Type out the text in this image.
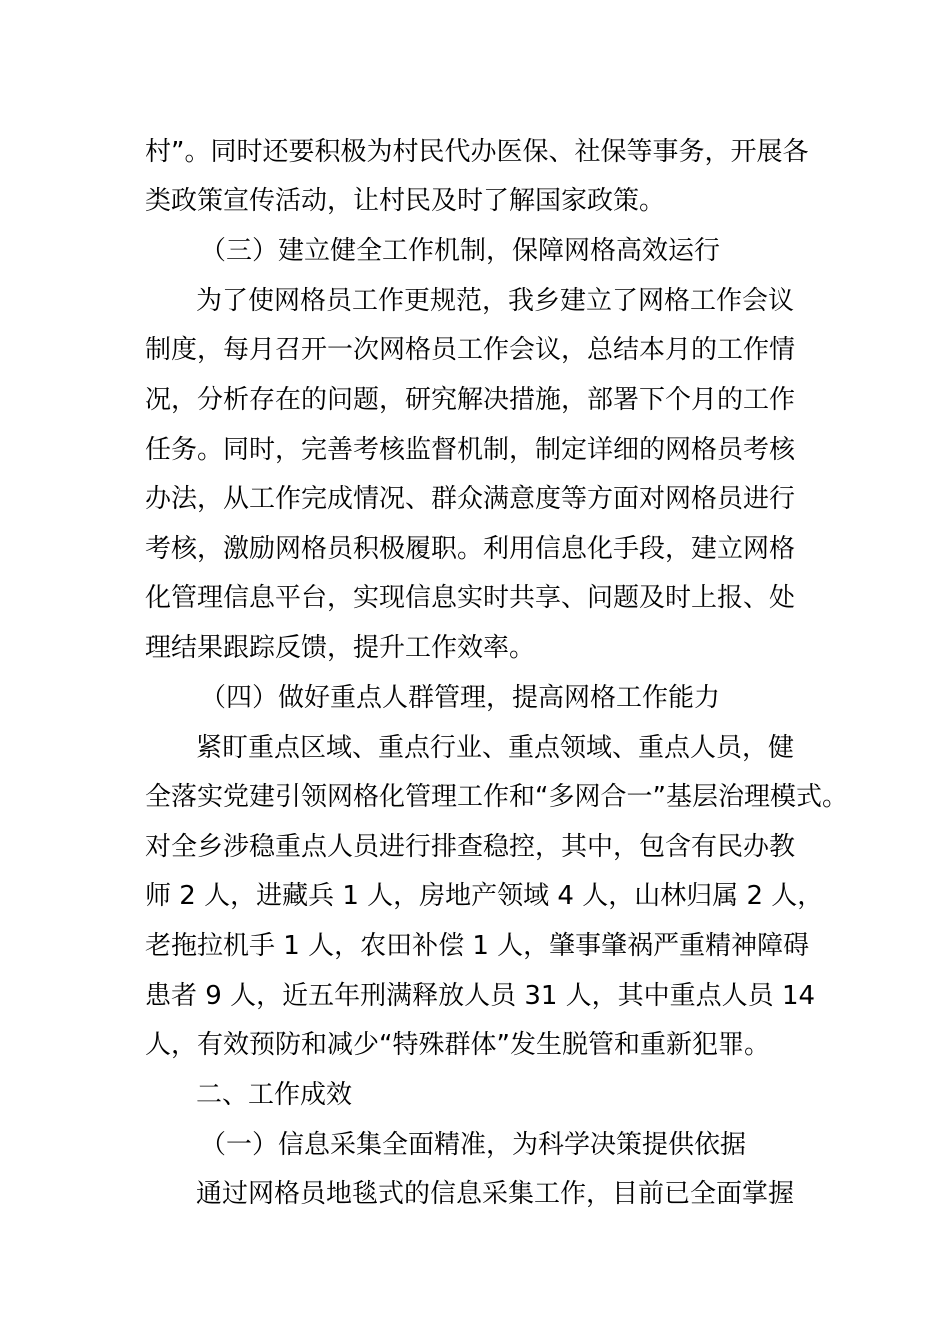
村”。同时还要积极为村民代办医保、社保等事务，开展各
类政策宣传活动，让村民及时了解国家政策。
（三）建立健全工作机制，保障网格高效运行
为了使网格员工作更规范，我乡建立了网格工作会议
制度，每月召开一次网格员工作会议，总结本月的工作情
况，分析存在的问题，研究解决措施，部署下个月的工作
任务。同时，完善考核监督机制，制定详细的网格员考核
办法，从工作完成情况、群众满意度等方面对网格员进行
考核，激励网格员积极履职。利用信息化手段，建立网格
化管理信息平台，实现信息实时共享、问题及时上报、处
理结果跟踪反馈，提升工作效率。
（四）做好重点人群管理，提高网格工作能力
紧盯重点区域、重点行业、重点领域、重点人员，健
全落实党建引领网格化管理工作和“多网合一”基层治理模式。
对全乡涉稳重点人员进行排查稳控，其中，包含有民办教
师 2 人，进藏兵 1 人，房地产领域 4 人，山林归属 2 人，
老拖拉机手 1 人，农田补偿 1 人，肇事肇祸严重精神障碍
患者 9 人，近五年刑满释放人员 31 人，其中重点人员 14
人，有效预防和减少“特殊群体”发生脱管和重新犯罪。
二、工作成效
（一）信息采集全面精准，为科学决策提供依据
通过网格员地毯式的信息采集工作，目前已全面掌握
